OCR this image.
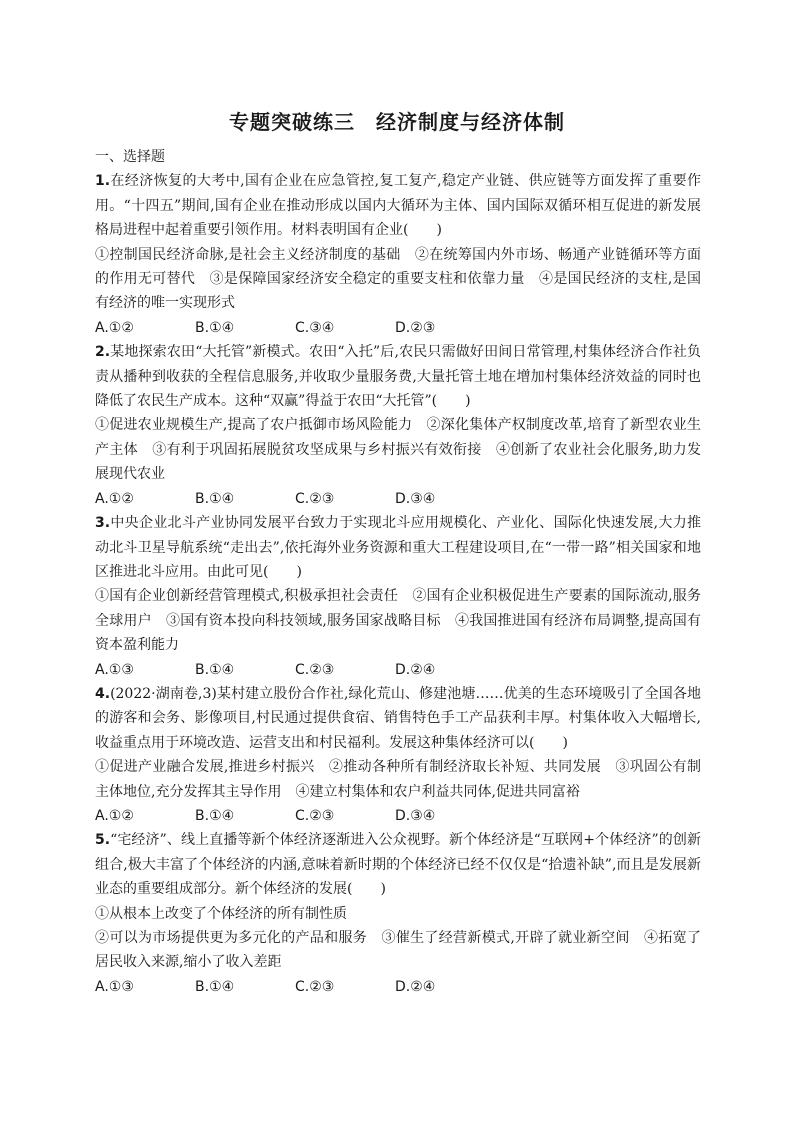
专题突破练三　经济制度与经济体制

一、选择题

1.在经济恢复的大考中,国有企业在应急管控,复工复产,稳定产业链、供应链等方面发挥了重要作用。“十四五”期间,国有企业在推动形成以国内大循环为主体、国内国际双循环相互促进的新发展格局进程中起着重要引领作用。材料表明国有企业(　　)

①控制国民经济命脉,是社会主义经济制度的基础　②在统筹国内外市场、畅通产业链循环等方面的作用无可替代　③是保障国家经济安全稳定的重要支柱和依靠力量　④是国民经济的支柱,是国有经济的唯一实现形式

A.①②	B.①④	C.③④	D.②③

2.某地探索农田“大托管”新模式。农田“入托”后,农民只需做好田间日常管理,村集体经济合作社负责从播种到收获的全程信息服务,并收取少量服务费,大量托管土地在增加村集体经济效益的同时也降低了农民生产成本。这种“双赢”得益于农田“大托管”(　　)

①促进农业规模生产,提高了农户抵御市场风险能力　②深化集体产权制度改革,培育了新型农业生产主体　③有利于巩固拓展脱贫攻坚成果与乡村振兴有效衔接　④创新了农业社会化服务,助力发展现代农业

A.①②	B.①④	C.②③	D.③④

3.中央企业北斗产业协同发展平台致力于实现北斗应用规模化、产业化、国际化快速发展,大力推动北斗卫星导航系统“走出去”,依托海外业务资源和重大工程建设项目,在“一带一路”相关国家和地区推进北斗应用。由此可见(　　)

①国有企业创新经营管理模式,积极承担社会责任　②国有企业积极促进生产要素的国际流动,服务全球用户　③国有资本投向科技领域,服务国家战略目标　④我国推进国有经济布局调整,提高国有资本盈利能力

A.①③	B.①④	C.②③	D.②④

4.(2022·湖南卷,3)某村建立股份合作社,绿化荒山、修建池塘……优美的生态环境吸引了全国各地的游客和会务、影像项目,村民通过提供食宿、销售特色手工产品获利丰厚。村集体收入大幅增长,收益重点用于环境改造、运营支出和村民福利。发展这种集体经济可以(　　)

①促进产业融合发展,推进乡村振兴　②推动各种所有制经济取长补短、共同发展　③巩固公有制主体地位,充分发挥其主导作用　④建立村集体和农户利益共同体,促进共同富裕

A.①②	B.①④	C.②③	D.③④

5.“宅经济”、线上直播等新个体经济逐渐进入公众视野。新个体经济是“互联网+个体经济”的创新组合,极大丰富了个体经济的内涵,意味着新时期的个体经济已经不仅仅是“拾遗补缺”,而且是发展新业态的重要组成部分。新个体经济的发展(　　)

①从根本上改变了个体经济的所有制性质
②可以为市场提供更为多元化的产品和服务　③催生了经营新模式,开辟了就业新空间　④拓宽了居民收入来源,缩小了收入差距

A.①③	B.①④	C.②③	D.②④
